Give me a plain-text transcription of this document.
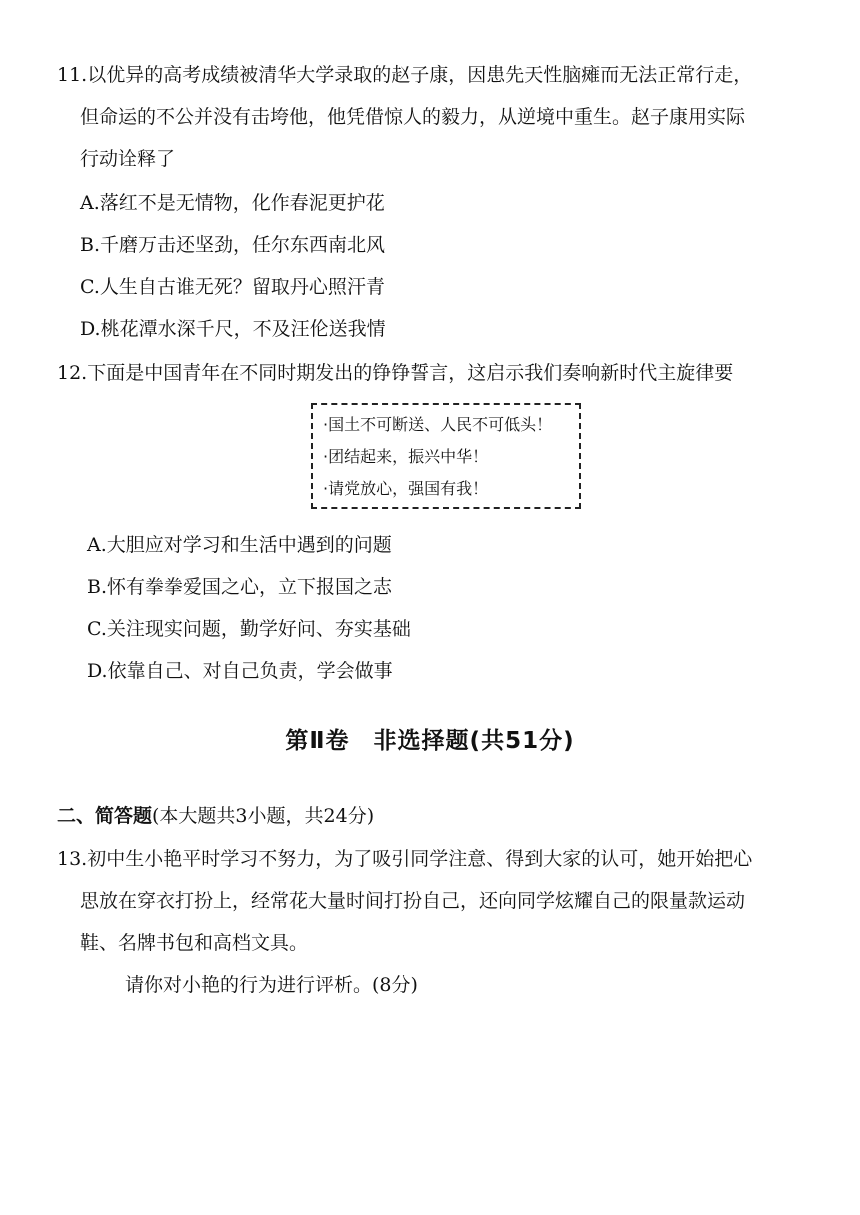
11.以优异的高考成绩被清华大学录取的赵子康，因患先天性脑瘫而无法正常行走，
但命运的不公并没有击垮他，他凭借惊人的毅力，从逆境中重生。赵子康用实际
行动诠释了
A.落红不是无情物，化作春泥更护花
B.千磨万击还坚劲，任尔东西南北风
C.人生自古谁无死？留取丹心照汗青
D.桃花潭水深千尺，不及汪伦送我情
12.下面是中国青年在不同时期发出的铮铮誓言，这启示我们奏响新时代主旋律要
·国土不可断送、人民不可低头！
·团结起来，振兴中华！
·请党放心，强国有我！
A.大胆应对学习和生活中遇到的问题
B.怀有拳拳爱国之心，立下报国之志
C.关注现实问题，勤学好问、夯实基础
D.依靠自己、对自己负责，学会做事
第Ⅱ卷　非选择题(共51分)
二、简答题(本大题共3小题，共24分)
13.初中生小艳平时学习不努力，为了吸引同学注意、得到大家的认可，她开始把心
思放在穿衣打扮上，经常花大量时间打扮自己，还向同学炫耀自己的限量款运动
鞋、名牌书包和高档文具。
请你对小艳的行为进行评析。(8分)
